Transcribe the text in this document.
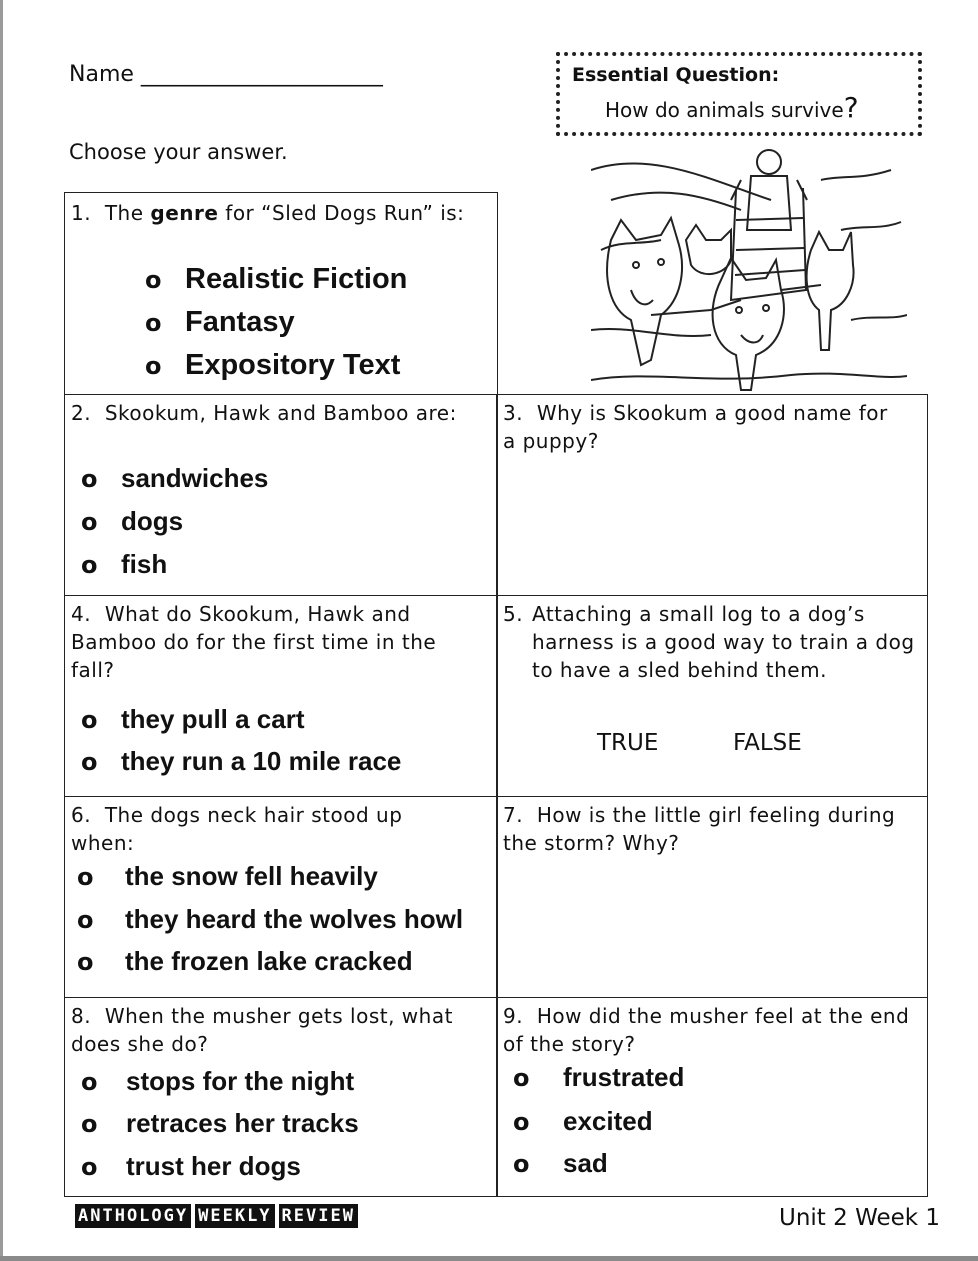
Name ______________________
Choose your answer.
Essential Question:
How do animals survive?
1. The genre for “Sled Dogs Run” is:
o Realistic Fiction
o Fantasy
o Expository Text
2. Skookum, Hawk and Bamboo are:
o sandwiches
o dogs
o fish
3. Why is Skookum a good name for a puppy?
4. What do Skookum, Hawk and Bamboo do for the first time in the fall?
o they pull a cart
o they run a 10 mile race
5. Attaching a small log to a dog’s harness is a good way to train a dog to have a sled behind them.
TRUE	FALSE
6. The dogs neck hair stood up when:
o the snow fell heavily
o they heard the wolves howl
o the frozen lake cracked
7. How is the little girl feeling during the storm? Why?
8. When the musher gets lost, what does she do?
o stops for the night
o retraces her tracks
o trust her dogs
9. How did the musher feel at the end of the story?
o frustrated
o excited
o sad
ANTHOLOGY WEEKLY REVIEW	Unit 2 Week 1
